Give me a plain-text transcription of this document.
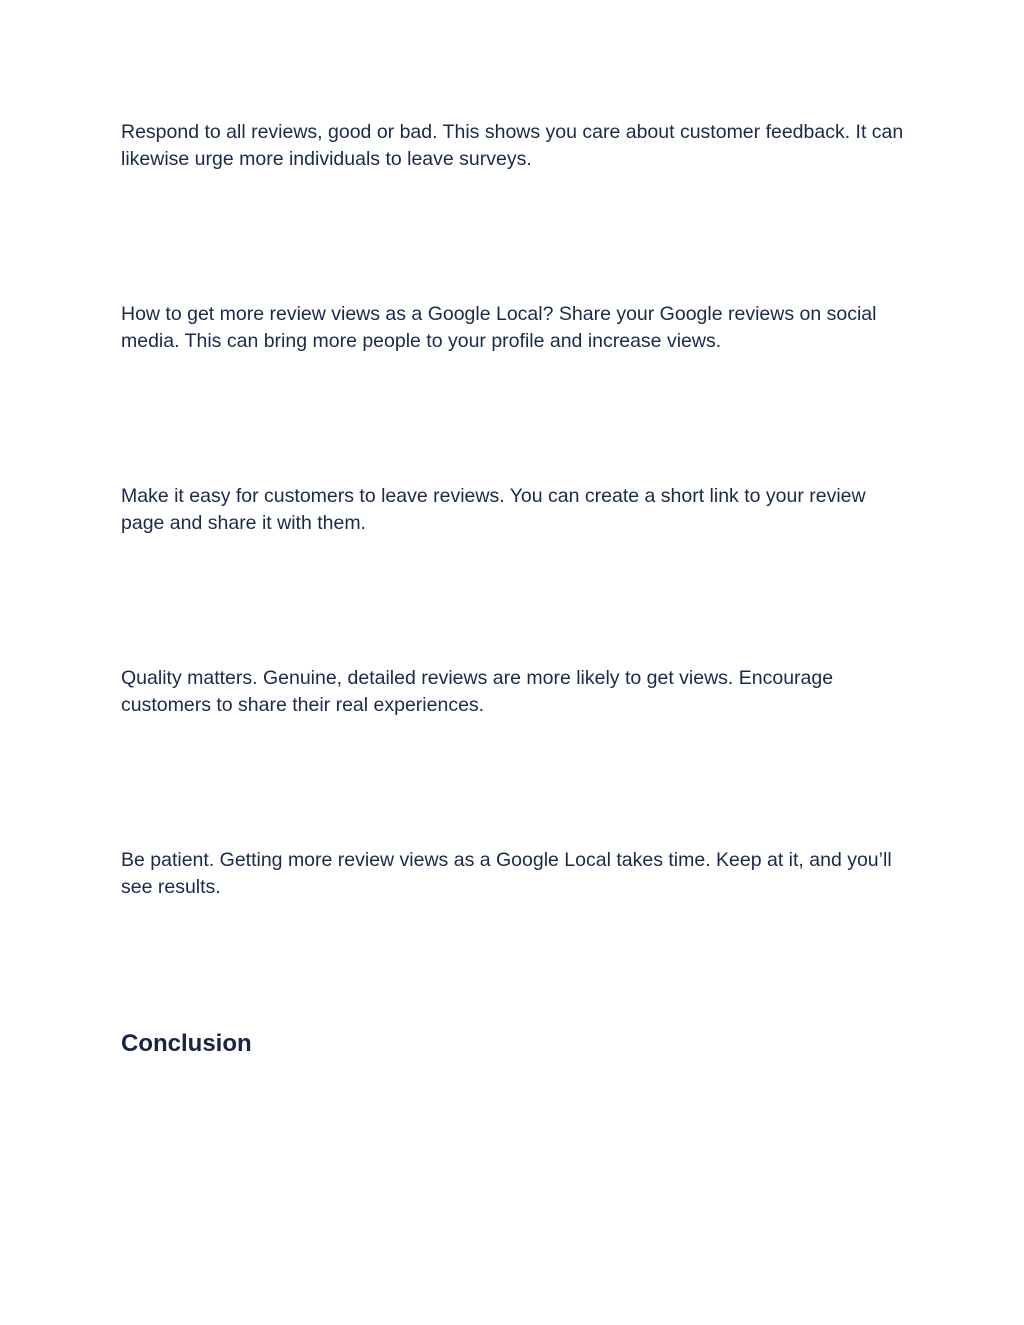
Respond to all reviews, good or bad. This shows you care about customer feedback. It can likewise urge more individuals to leave surveys.

How to get more review views as a Google Local? Share your Google reviews on social media. This can bring more people to your profile and increase views.

Make it easy for customers to leave reviews. You can create a short link to your review page and share it with them.

Quality matters. Genuine, detailed reviews are more likely to get views. Encourage customers to share their real experiences.

Be patient. Getting more review views as a Google Local takes time. Keep at it, and you’ll see results.

Conclusion
